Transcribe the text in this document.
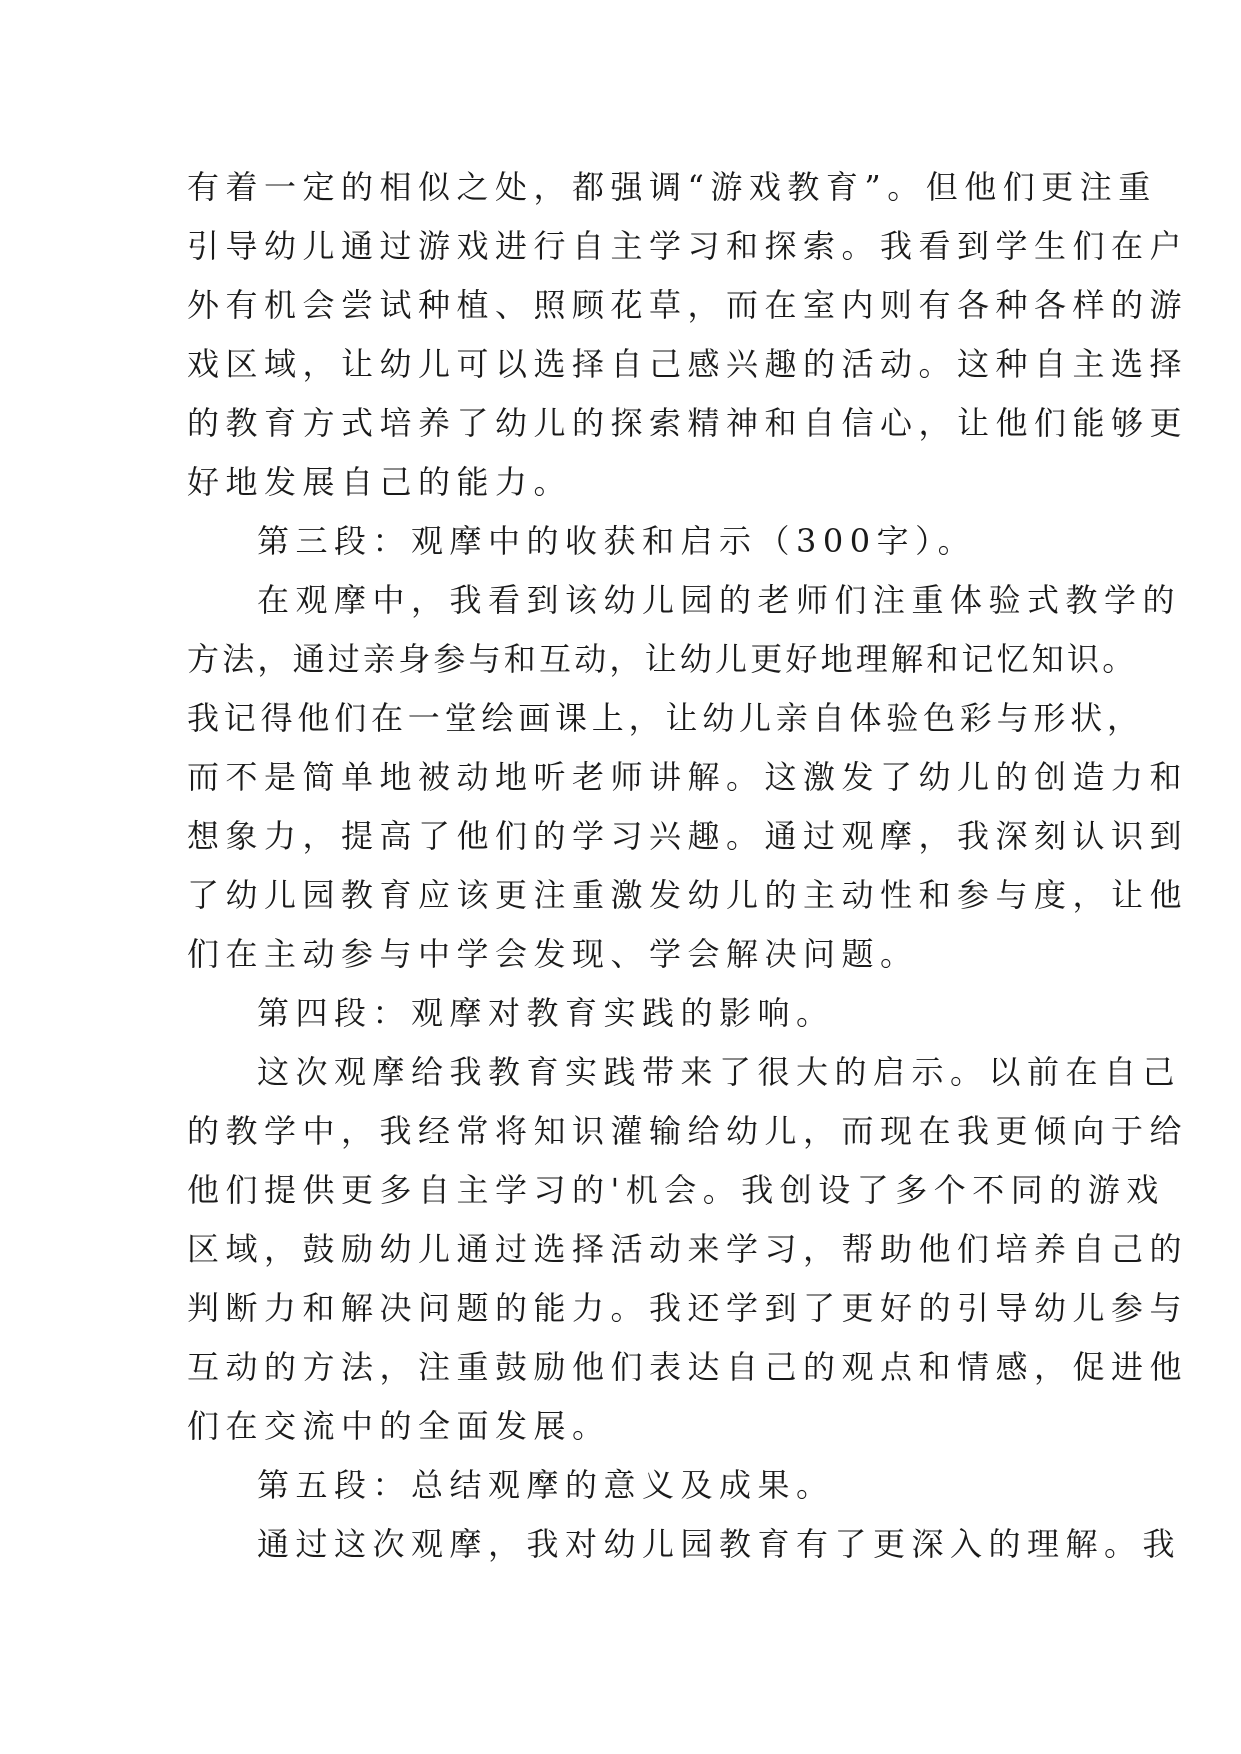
有着一定的相似之处，都强调“游戏教育”。但他们更注重
引导幼儿通过游戏进行自主学习和探索。我看到学生们在户
外有机会尝试种植、照顾花草，而在室内则有各种各样的游
戏区域，让幼儿可以选择自己感兴趣的活动。这种自主选择
的教育方式培养了幼儿的探索精神和自信心，让他们能够更
好地发展自己的能力。
第三段：观摩中的收获和启示（300字）。
在观摩中，我看到该幼儿园的老师们注重体验式教学的
方法，通过亲身参与和互动，让幼儿更好地理解和记忆知识。
我记得他们在一堂绘画课上，让幼儿亲自体验色彩与形状，
而不是简单地被动地听老师讲解。这激发了幼儿的创造力和
想象力，提高了他们的学习兴趣。通过观摩，我深刻认识到
了幼儿园教育应该更注重激发幼儿的主动性和参与度，让他
们在主动参与中学会发现、学会解决问题。
第四段：观摩对教育实践的影响。
这次观摩给我教育实践带来了很大的启示。以前在自己
的教学中，我经常将知识灌输给幼儿，而现在我更倾向于给
他们提供更多自主学习的'机会。我创设了多个不同的游戏
区域，鼓励幼儿通过选择活动来学习，帮助他们培养自己的
判断力和解决问题的能力。我还学到了更好的引导幼儿参与
互动的方法，注重鼓励他们表达自己的观点和情感，促进他
们在交流中的全面发展。
第五段：总结观摩的意义及成果。
通过这次观摩，我对幼儿园教育有了更深入的理解。我
